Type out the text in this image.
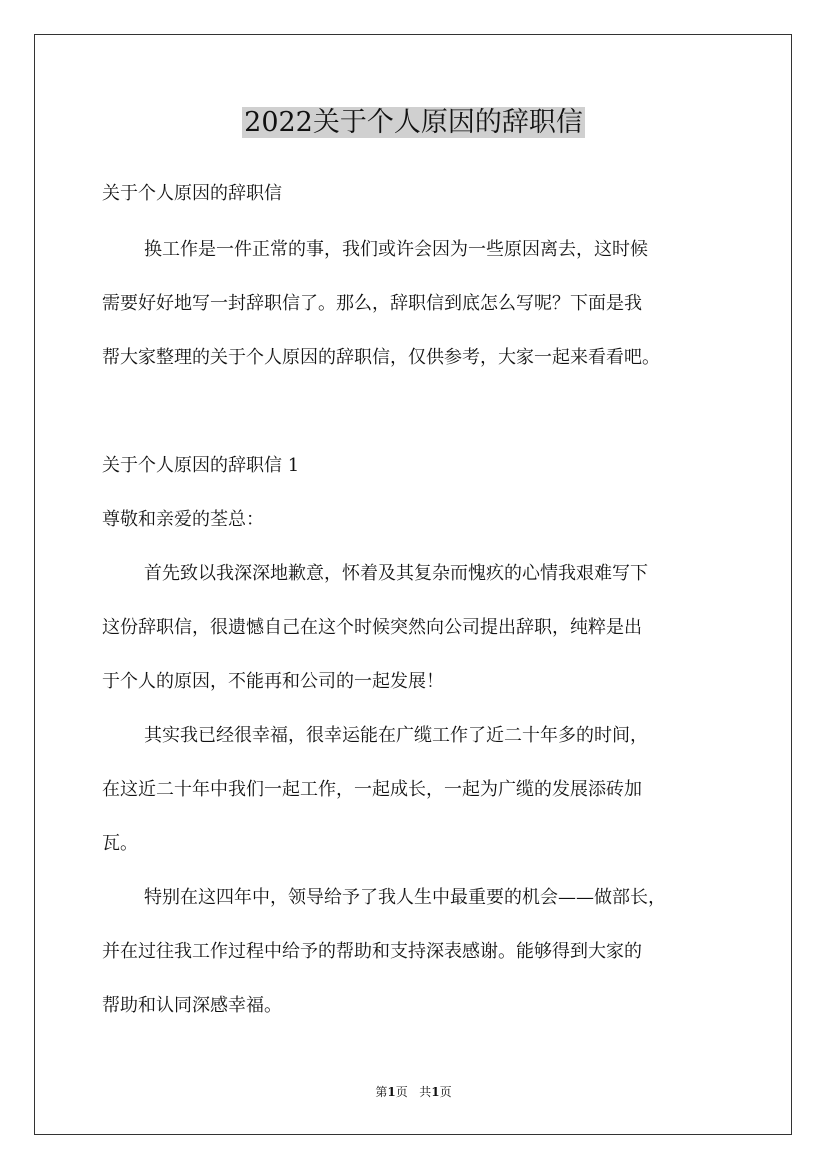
2022关于个人原因的辞职信

关于个人原因的辞职信

换工作是一件正常的事，我们或许会因为一些原因离去，这时候

需要好好地写一封辞职信了。那么，辞职信到底怎么写呢？下面是我

帮大家整理的关于个人原因的辞职信，仅供参考，大家一起来看看吧。

关于个人原因的辞职信 1

尊敬和亲爱的荃总：

首先致以我深深地歉意，怀着及其复杂而愧疚的心情我艰难写下

这份辞职信，很遗憾自己在这个时候突然向公司提出辞职，纯粹是出

于个人的原因，不能再和公司的一起发展！

其实我已经很幸福，很幸运能在广缆工作了近二十年多的时间，

在这近二十年中我们一起工作，一起成长，一起为广缆的发展添砖加

瓦。

特别在这四年中，领导给予了我人生中最重要的机会——做部长，

并在过往我工作过程中给予的帮助和支持深表感谢。能够得到大家的

帮助和认同深感幸福。

第1页   共1页
